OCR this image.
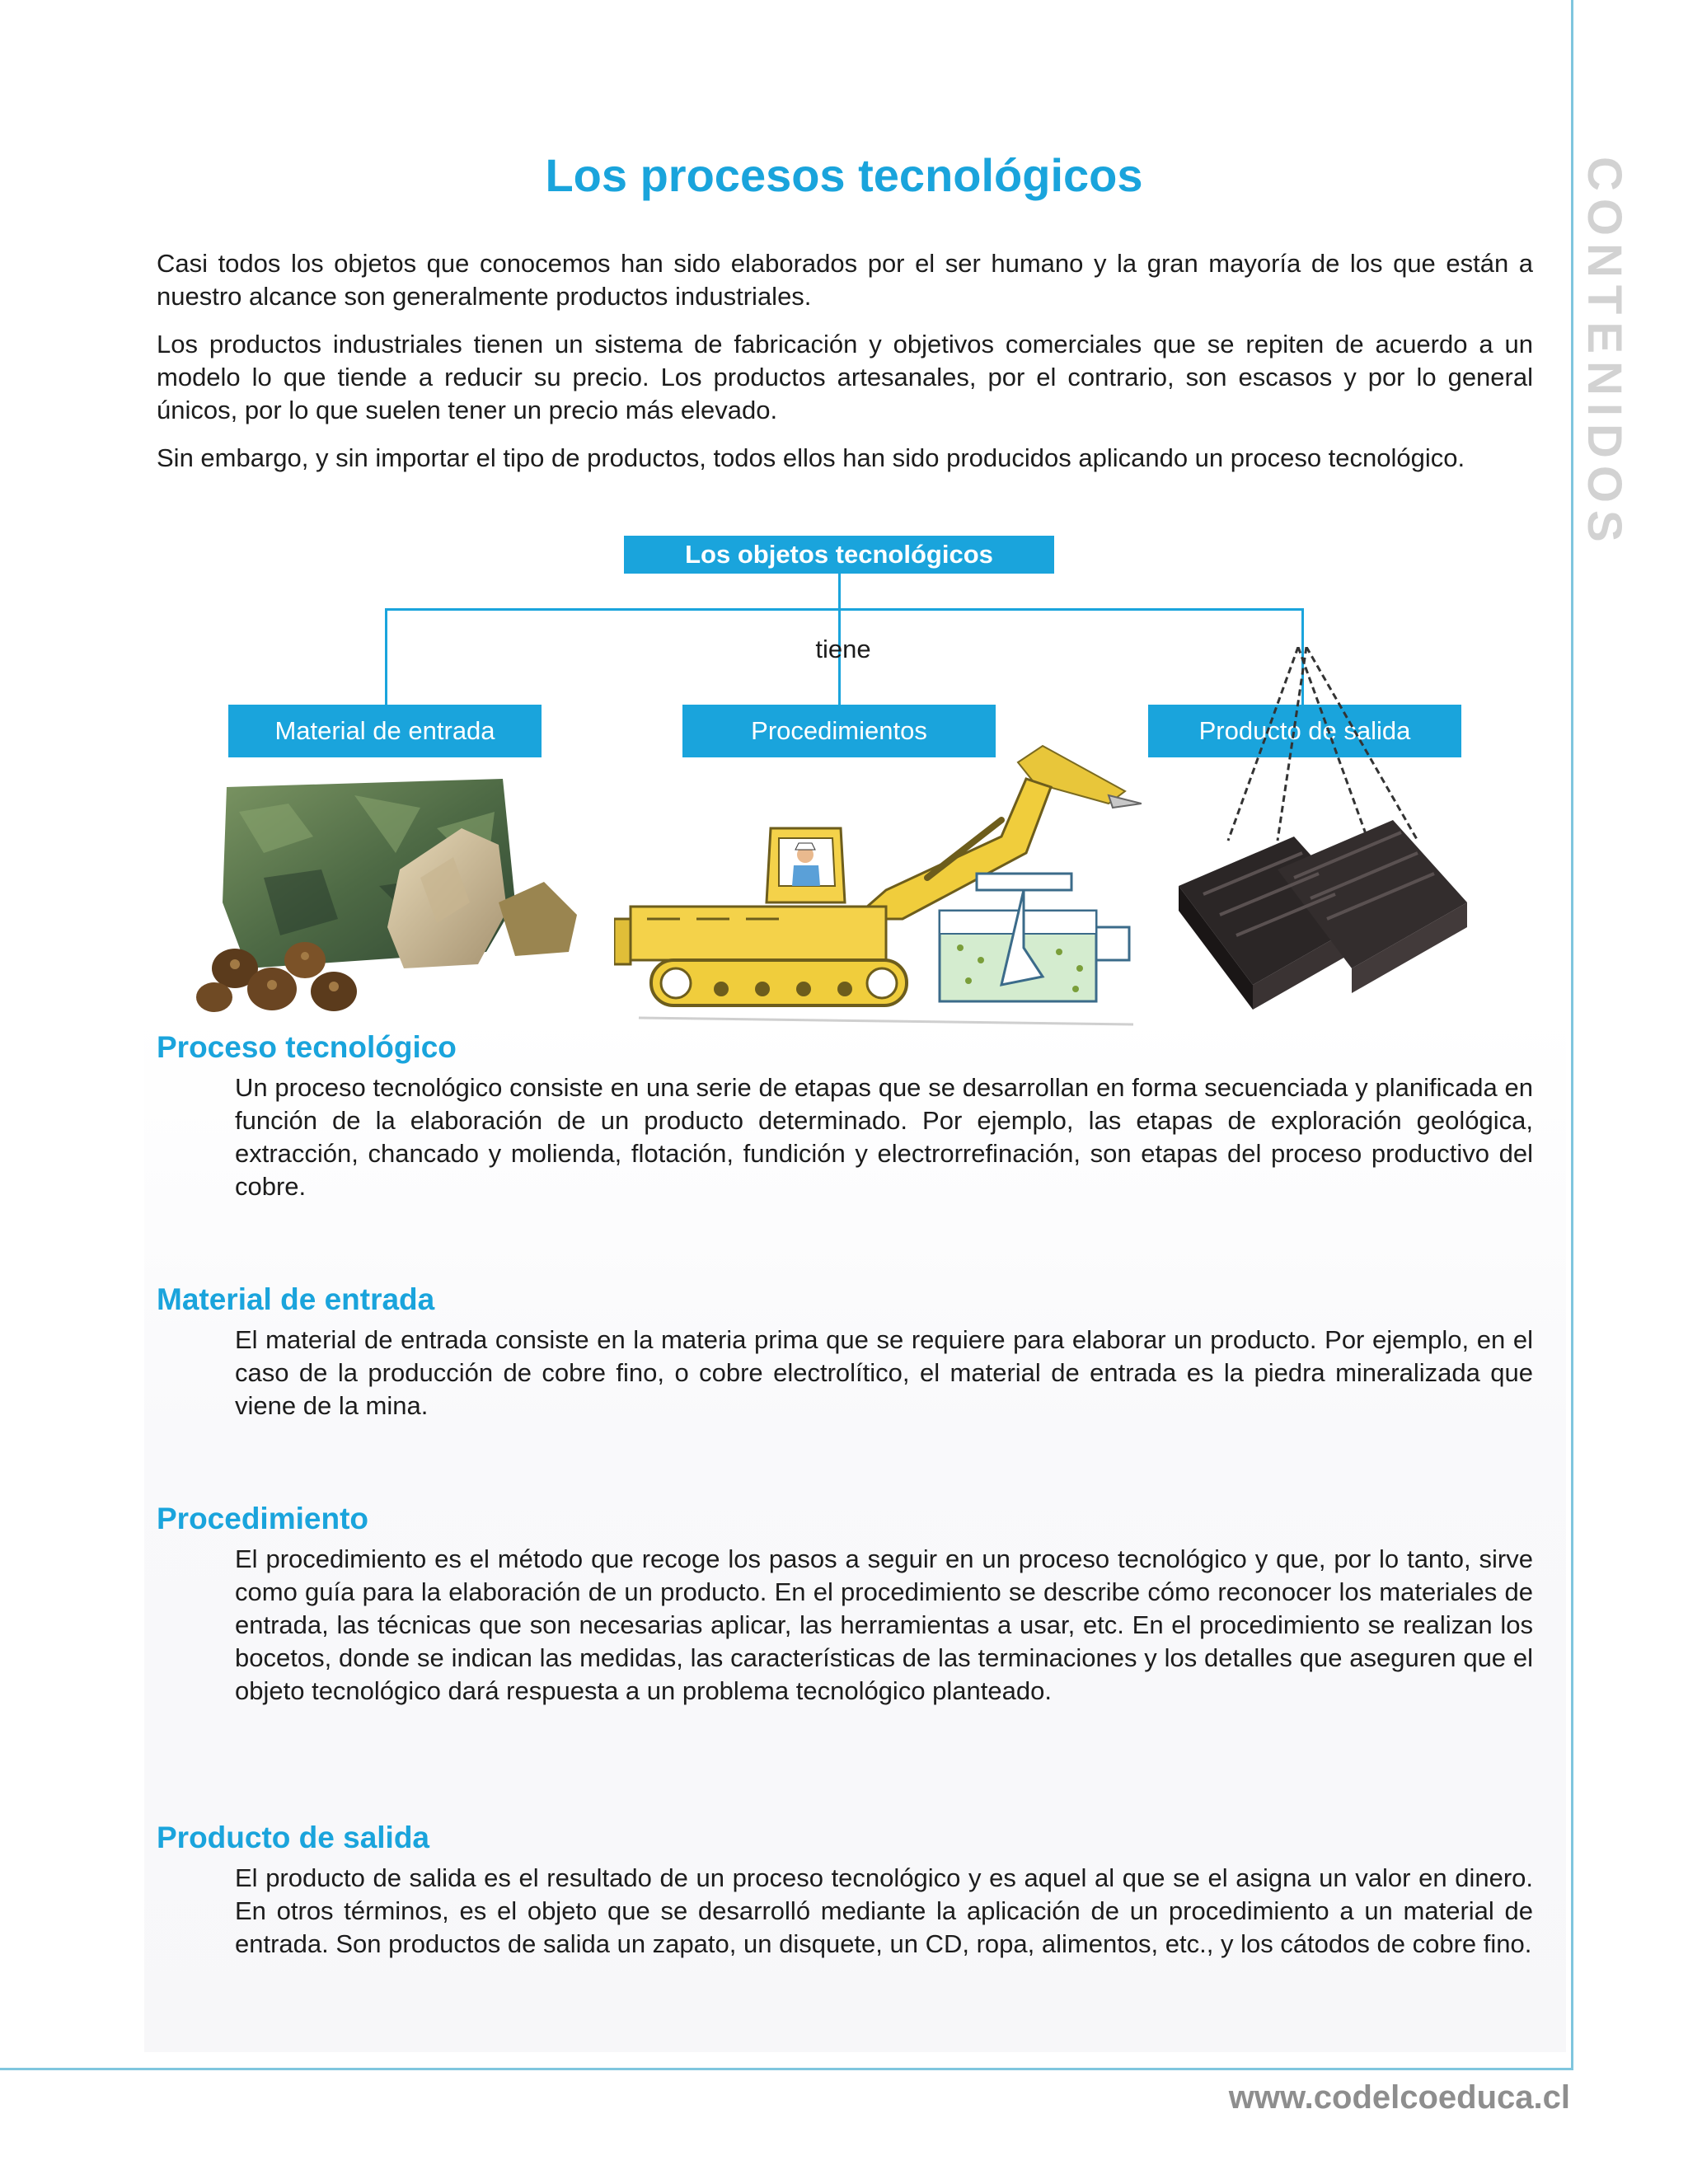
CONTENIDOS
Los procesos tecnológicos

Casi todos los objetos que conocemos han sido elaborados por el ser humano y la gran mayoría de los que están a nuestro alcance son generalmente productos industriales.

Los productos industriales tienen un sistema de fabricación y objetivos comerciales que se repiten de acuerdo a un modelo lo que tiende a reducir su precio. Los productos artesanales, por el contrario, son escasos y por lo general únicos, por lo que suelen tener un precio más elevado.

Sin embargo, y sin importar el tipo de productos, todos ellos han sido producidos aplicando un proceso tecnológico.

Los objetos tecnológicos
tiene
Material de entrada	Procedimientos	Producto de salida
Proceso tecnológico

Un proceso tecnológico consiste en una serie de etapas que se desarrollan en forma secuenciada y planificada en función de la elaboración de un producto determinado. Por ejemplo, las etapas de exploración geológica, extracción, chancado y molienda, flotación, fundición y electrorrefinación, son etapas del proceso productivo del cobre.

Material de entrada

El material de entrada consiste en la materia prima que se requiere para elaborar un producto. Por ejemplo, en el caso de la producción de cobre fino, o cobre electrolítico, el material de entrada es la piedra mineralizada que viene de la mina.

Procedimiento

El procedimiento es el método que recoge los pasos a seguir en un proceso tecnológico y que, por lo tanto, sirve como guía para la elaboración de un producto. En el procedimiento se describe cómo reconocer los materiales de entrada, las técnicas que son necesarias aplicar, las herramientas a usar, etc. En el procedimiento se realizan los bocetos, donde se indican las medidas, las características de las terminaciones y los detalles que aseguren que el objeto tecnológico dará respuesta a un problema tecnológico planteado.

Producto de salida

El producto de salida es el resultado de un proceso tecnológico y es aquel al que se el asigna un valor en dinero. En otros términos, es el objeto que se desarrolló mediante la aplicación de un procedimiento a un material de entrada. Son productos de salida un zapato, un disquete, un CD, ropa, alimentos, etc., y los cátodos de cobre fino.

www.codelcoeduca.cl
